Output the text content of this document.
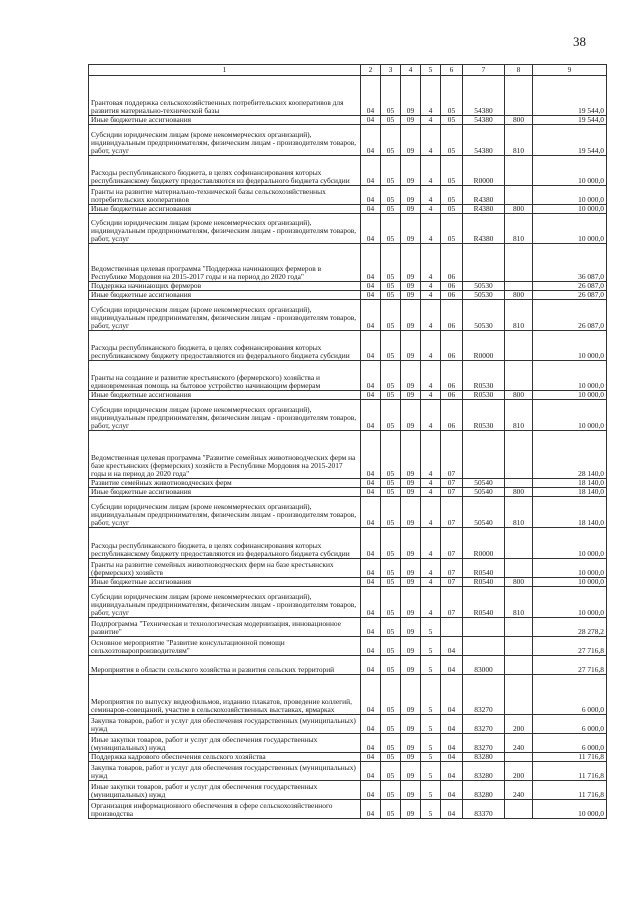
38
1	2	3	4	5	6	7	8	9
Грантовая поддержка сельскохозяйственных потребительских кооперативов для развития материально-технической базы	04	05	09	4	05	54380		19 544,0
Иные бюджетные ассигнования	04	05	09	4	05	54380	800	19 544,0
Субсидии юридическим лицам (кроме некоммерческих организаций), индивидуальным предпринимателям, физическим лицам - производителям товаров, работ, услуг	04	05	09	4	05	54380	810	19 544,0
Расходы республиканского бюджета, в целях софинансирования которых республиканскому бюджету предоставляются из федерального бюджета субсидии	04	05	09	4	05	R0000		10 000,0
Гранты на развитие материально-технической базы сельскохозяйственных потребительских кооперативов	04	05	09	4	05	R4380		10 000,0
Иные бюджетные ассигнования	04	05	09	4	05	R4380	800	10 000,0
Субсидии юридическим лицам (кроме некоммерческих организаций), индивидуальным предпринимателям, физическим лицам - производителям товаров, работ, услуг	04	05	09	4	05	R4380	810	10 000,0
Ведомственная целевая программа "Поддержка начинающих фермеров в Республике Мордовия на 2015-2017 годы и на период до 2020 года"	04	05	09	4	06			36 087,0
Поддержка начинающих фермеров	04	05	09	4	06	50530		26 087,0
Иные бюджетные ассигнования	04	05	09	4	06	50530	800	26 087,0
Субсидии юридическим лицам (кроме некоммерческих организаций), индивидуальным предпринимателям, физическим лицам - производителям товаров, работ, услуг	04	05	09	4	06	50530	810	26 087,0
Расходы республиканского бюджета, в целях софинансирования которых республиканскому бюджету предоставляются из федерального бюджета субсидии	04	05	09	4	06	R0000		10 000,0
Гранты на создание и развитие крестьянского (фермерского) хозяйства и единовременная помощь на бытовое устройство начинающим фермерам	04	05	09	4	06	R0530		10 000,0
Иные бюджетные ассигнования	04	05	09	4	06	R0530	800	10 000,0
Субсидии юридическим лицам (кроме некоммерческих организаций), индивидуальным предпринимателям, физическим лицам - производителям товаров, работ, услуг	04	05	09	4	06	R0530	810	10 000,0
Ведомственная целевая программа "Развитие семейных животноводческих ферм на базе крестьянских (фермерских) хозяйств в Республике Мордовия на 2015-2017 годы и на период до 2020 года"	04	05	09	4	07			28 140,0
Развитие семейных животноводческих ферм	04	05	09	4	07	50540		18 140,0
Иные бюджетные ассигнования	04	05	09	4	07	50540	800	18 140,0
Субсидии юридическим лицам (кроме некоммерческих организаций), индивидуальным предпринимателям, физическим лицам - производителям товаров, работ, услуг	04	05	09	4	07	50540	810	18 140,0
Расходы республиканского бюджета, в целях софинансирования которых республиканскому бюджету предоставляются из федерального бюджета субсидии	04	05	09	4	07	R0000		10 000,0
Гранты на развитие семейных животноводческих ферм на базе крестьянских (фермерских) хозяйств	04	05	09	4	07	R0540		10 000,0
Иные бюджетные ассигнования	04	05	09	4	07	R0540	800	10 000,0
Субсидии юридическим лицам (кроме некоммерческих организаций), индивидуальным предпринимателям, физическим лицам - производителям товаров, работ, услуг	04	05	09	4	07	R0540	810	10 000,0
Подпрограмма "Техническая и технологическая модернизация, инновационное развитие"	04	05	09	5				28 278,2
Основное мероприятие "Развитие консультационной помощи сельхозтоваропроизводителям"	04	05	09	5	04			27 716,8
Мероприятия в области сельского хозяйства и развития сельских территорий	04	05	09	5	04	83000		27 716,8
Мероприятия по выпуску видеофильмов, изданию плакатов, проведение коллегий, семинаров-совещаний, участие в сельскохозяйственных выставках, ярмарках	04	05	09	5	04	83270		6 000,0
Закупка товаров, работ и услуг для обеспечения государственных (муниципальных) нужд	04	05	09	5	04	83270	200	6 000,0
Иные закупки товаров, работ и услуг для обеспечения государственных (муниципальных) нужд	04	05	09	5	04	83270	240	6 000,0
Поддержка кадрового обеспечения сельского хозяйства	04	05	09	5	04	83280		11 716,8
Закупка товаров, работ и услуг для обеспечения государственных (муниципальных) нужд	04	05	09	5	04	83280	200	11 716,8
Иные закупки товаров, работ и услуг для обеспечения государственных (муниципальных) нужд	04	05	09	5	04	83280	240	11 716,8
Организация информационного обеспечения в сфере сельскохозяйственного производства	04	05	09	5	04	83370		10 000,0
